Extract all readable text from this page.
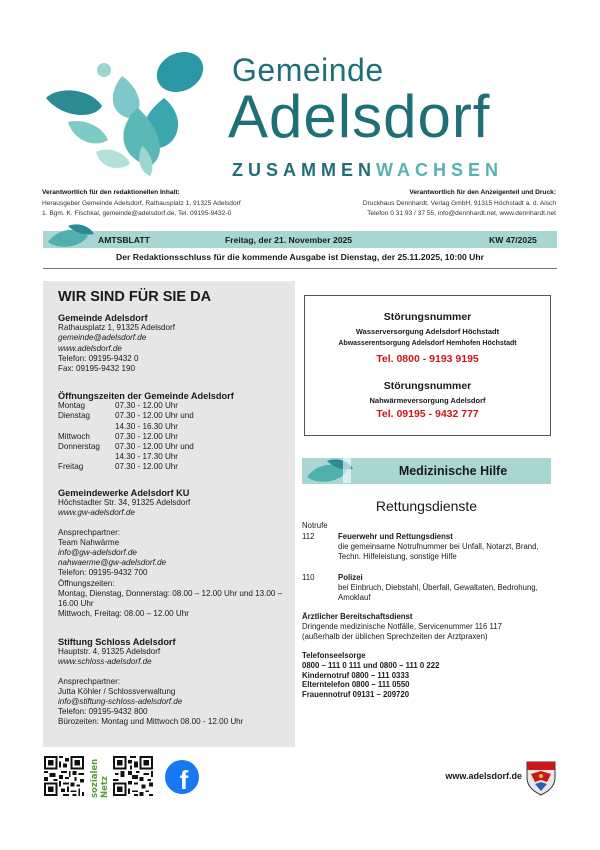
Gemeinde
Adelsdorf
ZUSAMMENWACHSEN
Verantwortlich für den redaktionellen Inhalt:
Herausgeber Gemeinde Adelsdorf, Rathausplatz 1, 91325 Adelsdorf
1. Bgm. K. Fischkal, gemeinde@adelsdorf.de, Tel. 09195-9432-0
Verantwortlich für den Anzeigenteil und Druck:
Druckhaus Dennhardt, Verlag GmbH, 91315 Höchstadt a. d. Aisch
Telefon 0 31 93 / 37 55, info@dennhardt.net, www.dennhardt.net
AMTSBLATT	Freitag, der 21. November 2025	KW 47/2025
Der Redaktionsschluss für die kommende Ausgabe ist Dienstag, der 25.11.2025, 10:00 Uhr
WIR SIND FÜR SIE DA
Gemeinde Adelsdorf
Rathausplatz 1, 91325 Adelsdorf
gemeinde@adelsdorf.de
www.adelsdorf.de
Telefon: 09195-9432 0
Fax: 09195-9432 190
Öffnungszeiten der Gemeinde Adelsdorf
Montag	07.30 - 12.00 Uhr
Dienstag	07.30 - 12.00 Uhr und
14.30 - 16.30 Uhr
Mittwoch	07.30 - 12.00 Uhr
Donnerstag	07.30 - 12.00 Uhr und
14.30 - 17.30 Uhr
Freitag	07.30 - 12.00 Uhr
Gemeindewerke Adelsdorf KU
Höchstadter Str. 34, 91325 Adelsdorf
www.gw-adelsdorf.de
Ansprechpartner:
Team Nahwärme
info@gw-adelsdorf.de
nahwaerme@gw-adelsdorf.de
Telefon: 09195-9432 700
Öffnungszeiten:
Montag, Dienstag, Donnerstag: 08.00 – 12.00 Uhr und 13.00 – 16.00 Uhr
Mittwoch, Freitag: 08.00 – 12.00 Uhr
Stiftung Schloss Adelsdorf
Hauptstr. 4, 91325 Adelsdorf
www.schloss-adelsdorf.de
Ansprechpartner:
Jutta Köhler / Schlossverwaltung
info@stiftung-schloss-adelsdorf.de
Telefon: 09195-9432 800
Bürozeiten: Montag und Mittwoch 08.00 - 12.00 Uhr
Störungsnummer
Wasserversorgung Adelsdorf Höchstadt
Abwasserentsorgung Adelsdorf Hemhofen Höchstadt
Tel. 0800 - 9193 9195
Störungsnummer
Nahwärmeversorgung Adelsdorf
Tel. 09195 - 9432 777
Medizinische Hilfe
Rettungsdienste
Notrufe
112	Feuerwehr und Rettungsdienst
die gemeinsame Notrufnummer bei Unfall, Notarzt, Brand,
Techn. Hilfeleistung, sonstige Hilfe
110	Polizei
bei Einbruch, Diebstahl, Überfall, Gewaltaten, Bedrohung,
Amoklauf
Ärztlicher Bereitschaftsdienst
Dringende medizinische Notfälle, Servicenummer 116 117
(außerhalb der üblichen Sprechzeiten der Arztpraxen)
Telefonseelsorge
0800 – 111 0 111 und 0800 – 111 0 222
Kindernotruf 0800 – 111 0333
Elterntelefon 0800 – 111 0550
Frauennotruf 09131 – 209720
sozialen Netz	f	www.adelsdorf.de
